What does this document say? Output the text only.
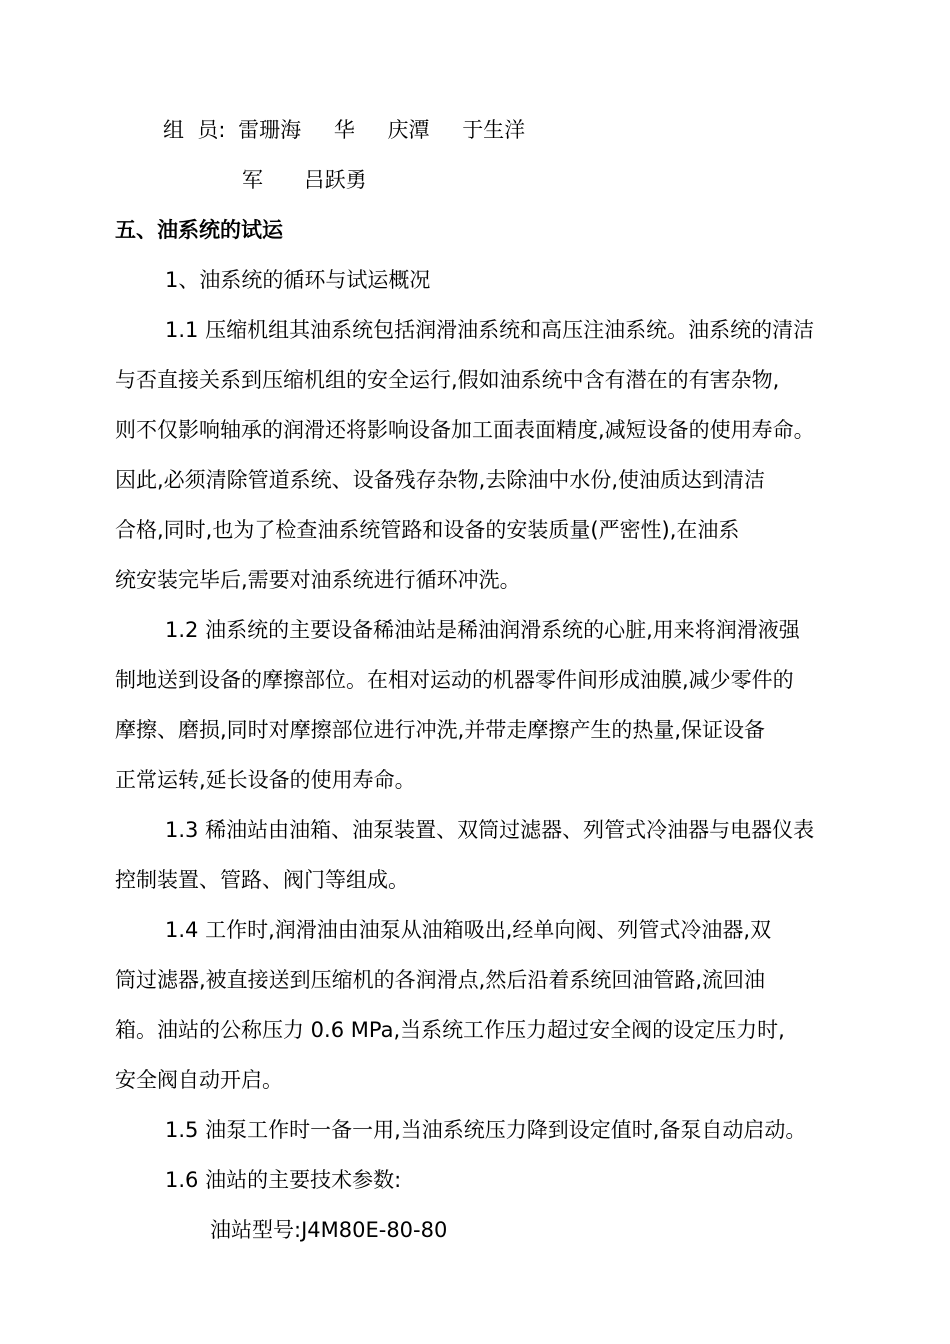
组  员: 雷珊海 华 庆潭 于生洋
军 吕跃勇
五、油系统的试运
1、油系统的循环与试运概况
1.1 压缩机组其油系统包括润滑油系统和高压注油系统。油系统的清洁
与否直接关系到压缩机组的安全运行,假如油系统中含有潜在的有害杂物,
则不仅影响轴承的润滑还将影响设备加工面表面精度,减短设备的使用寿命。
因此,必须清除管道系统、设备残存杂物,去除油中水份,使油质达到清洁
合格,同时,也为了检查油系统管路和设备的安装质量(严密性),在油系
统安装完毕后,需要对油系统进行循环冲洗。
1.2 油系统的主要设备稀油站是稀油润滑系统的心脏,用来将润滑液强
制地送到设备的摩擦部位。在相对运动的机器零件间形成油膜,减少零件的
摩擦、磨损,同时对摩擦部位进行冲洗,并带走摩擦产生的热量,保证设备
正常运转,延长设备的使用寿命。
1.3 稀油站由油箱、油泵装置、双筒过滤器、列管式冷油器与电器仪表
控制装置、管路、阀门等组成。
1.4 工作时,润滑油由油泵从油箱吸出,经单向阀、列管式冷油器,双
筒过滤器,被直接送到压缩机的各润滑点,然后沿着系统回油管路,流回油
箱。油站的公称压力 0.6 MPa,当系统工作压力超过安全阀的设定压力时,
安全阀自动开启。
1.5 油泵工作时一备一用,当油系统压力降到设定值时,备泵自动启动。
1.6 油站的主要技术参数:
油站型号:J4M80E-80-80
